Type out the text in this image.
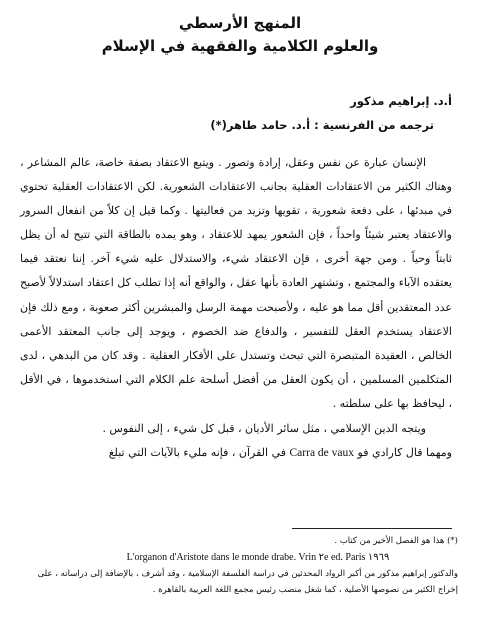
المنهج الأرسطي
والعلوم الكلامية والفقهية في الإسلام

أ.د. إبراهيم مذكور

ترجمه من الفرنسية : أ.د. حامد طاهر(*)

الإنسان عبارة عن نفس وعقل، إرادة وتصور . ويتبع الاعتقاد بصفة خاصة، عالم المشاعر ، وهناك الكثير من الاعتقادات العقلية بجانب الاعتقادات الشعورية. لكن الاعتقادات العقلية تحتوي في مبدئها ، على دفعة شعورية ، تقويها وتزيد من فعاليتها . وكما قيل إن كلاً من انفعال السرور والاعتقاد يعتبر شيئاً واحداً ، فإن الشعور يمهد للاعتقاد ، وهو يمده بالطاقة التي تتيح له أن يظل ثابتاً وحياً . ومن جهة أخرى ، فإن الاعتقاد شيء، والاستدلال عليه شيء آخر. إننا نعتقد فيما يعتقده الآباء والمجتمع ، وتشتهر العادة بأنها عقل ، والواقع أنه إذا تطلب كل اعتقاد استدلالاً لأصبح عدد المعتقدين أقل مما هو عليه ، ولأصبحت مهمة الرسل والمبشرين أكثر صعوبة ، ومع ذلك فإن الاعتقاد يستخدم العقل للتفسير ، والدفاع ضد الخصوم ، ويوجد إلى جانب المعتقد الأعمى الخالص ، العقيدة المتبصرة التي تبحث وتستدل على الأفكار العقلية . وقد كان من البدهي ، لدى المتكلمين المسلمين ، أن يكون العقل من أفضل أسلحة علم الكلام التي استخدموها ، في الأقل ، ليحافظ بها على سلطته .

ويتجه الدين الإسلامي ، مثل سائر الأديان ، قبل كل شيء ، إلى النفوس .

ومهما قال كارادي فو Carra de vaux في القرآن ، فإنه مليء بالآيات التي تبلغ

(*) هذا هو الفصل الأخير من كتاب .

L'organon d'Aristote dans le monde drabe. Vrin ٢e ed. Paris ١٩٦٩

والدكتور إبراهيم مذكور من أكبر الرواد المحدثين في دراسة الفلسفة الإسلامية ، وقد أشرف ، بالإضافة إلى دراساته ، على إخراج الكثير من نصوصها الأصلية ، كما شغل منصب رئيس مجمع اللغة العربية بالقاهرة .
